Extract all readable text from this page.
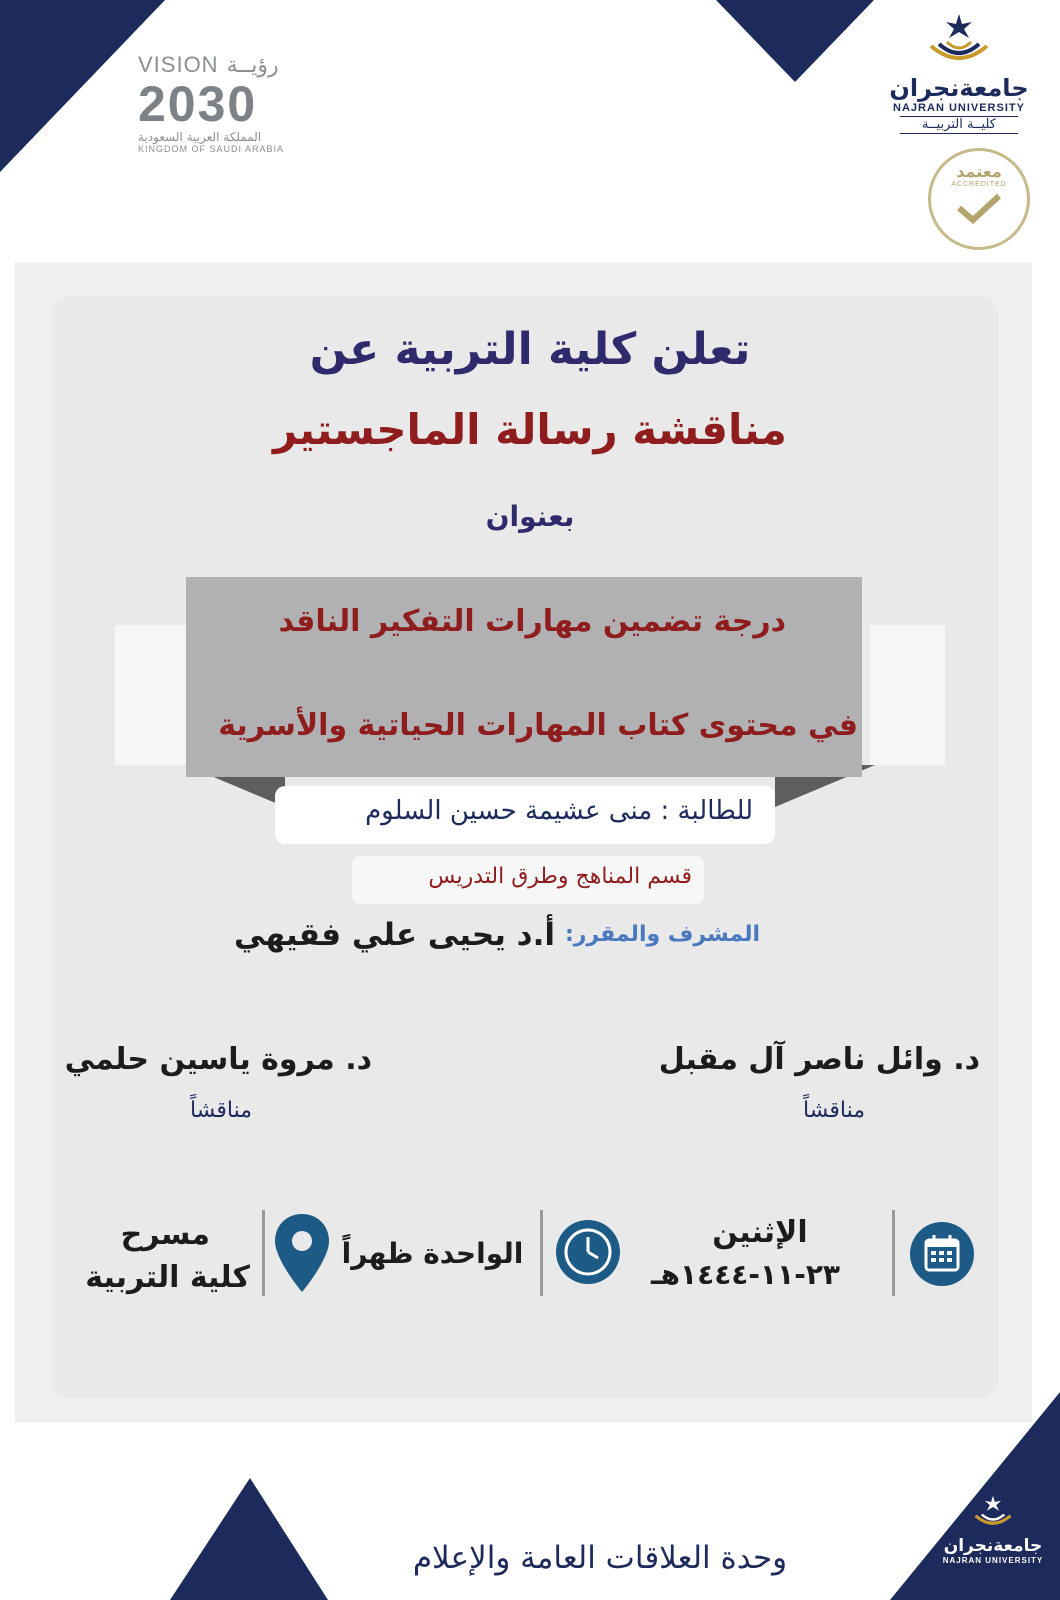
VISION رؤيــة
2030
المملكة العربية السعودية
KINGDOM OF SAUDI ARABIA
جامعةنجران
NAJRAN UNIVERSITY
كليــة التربيــة
معتمد
ACCREDITED
تعلن كلية التربية عن
مناقشة رسالة الماجستير
بعنوان
درجة تضمين مهارات التفكير الناقد
في محتوى كتاب المهارات الحياتية والأسرية
للطالبة : منى عشيمة حسين السلوم
قسم المناهج وطرق التدريس
المشرف والمقرر:
أ.د يحيى علي فقيهي
د. وائل ناصر آل مقبل
مناقشاً
د. مروة ياسين حلمي
مناقشاً
الإثنين
٢٣-١١-١٤٤٤هـ
الواحدة ظهراً
مسرح
كلية التربية
وحدة العلاقات العامة والإعلام	جامعةنجران
NAJRAN UNIVERSITY
